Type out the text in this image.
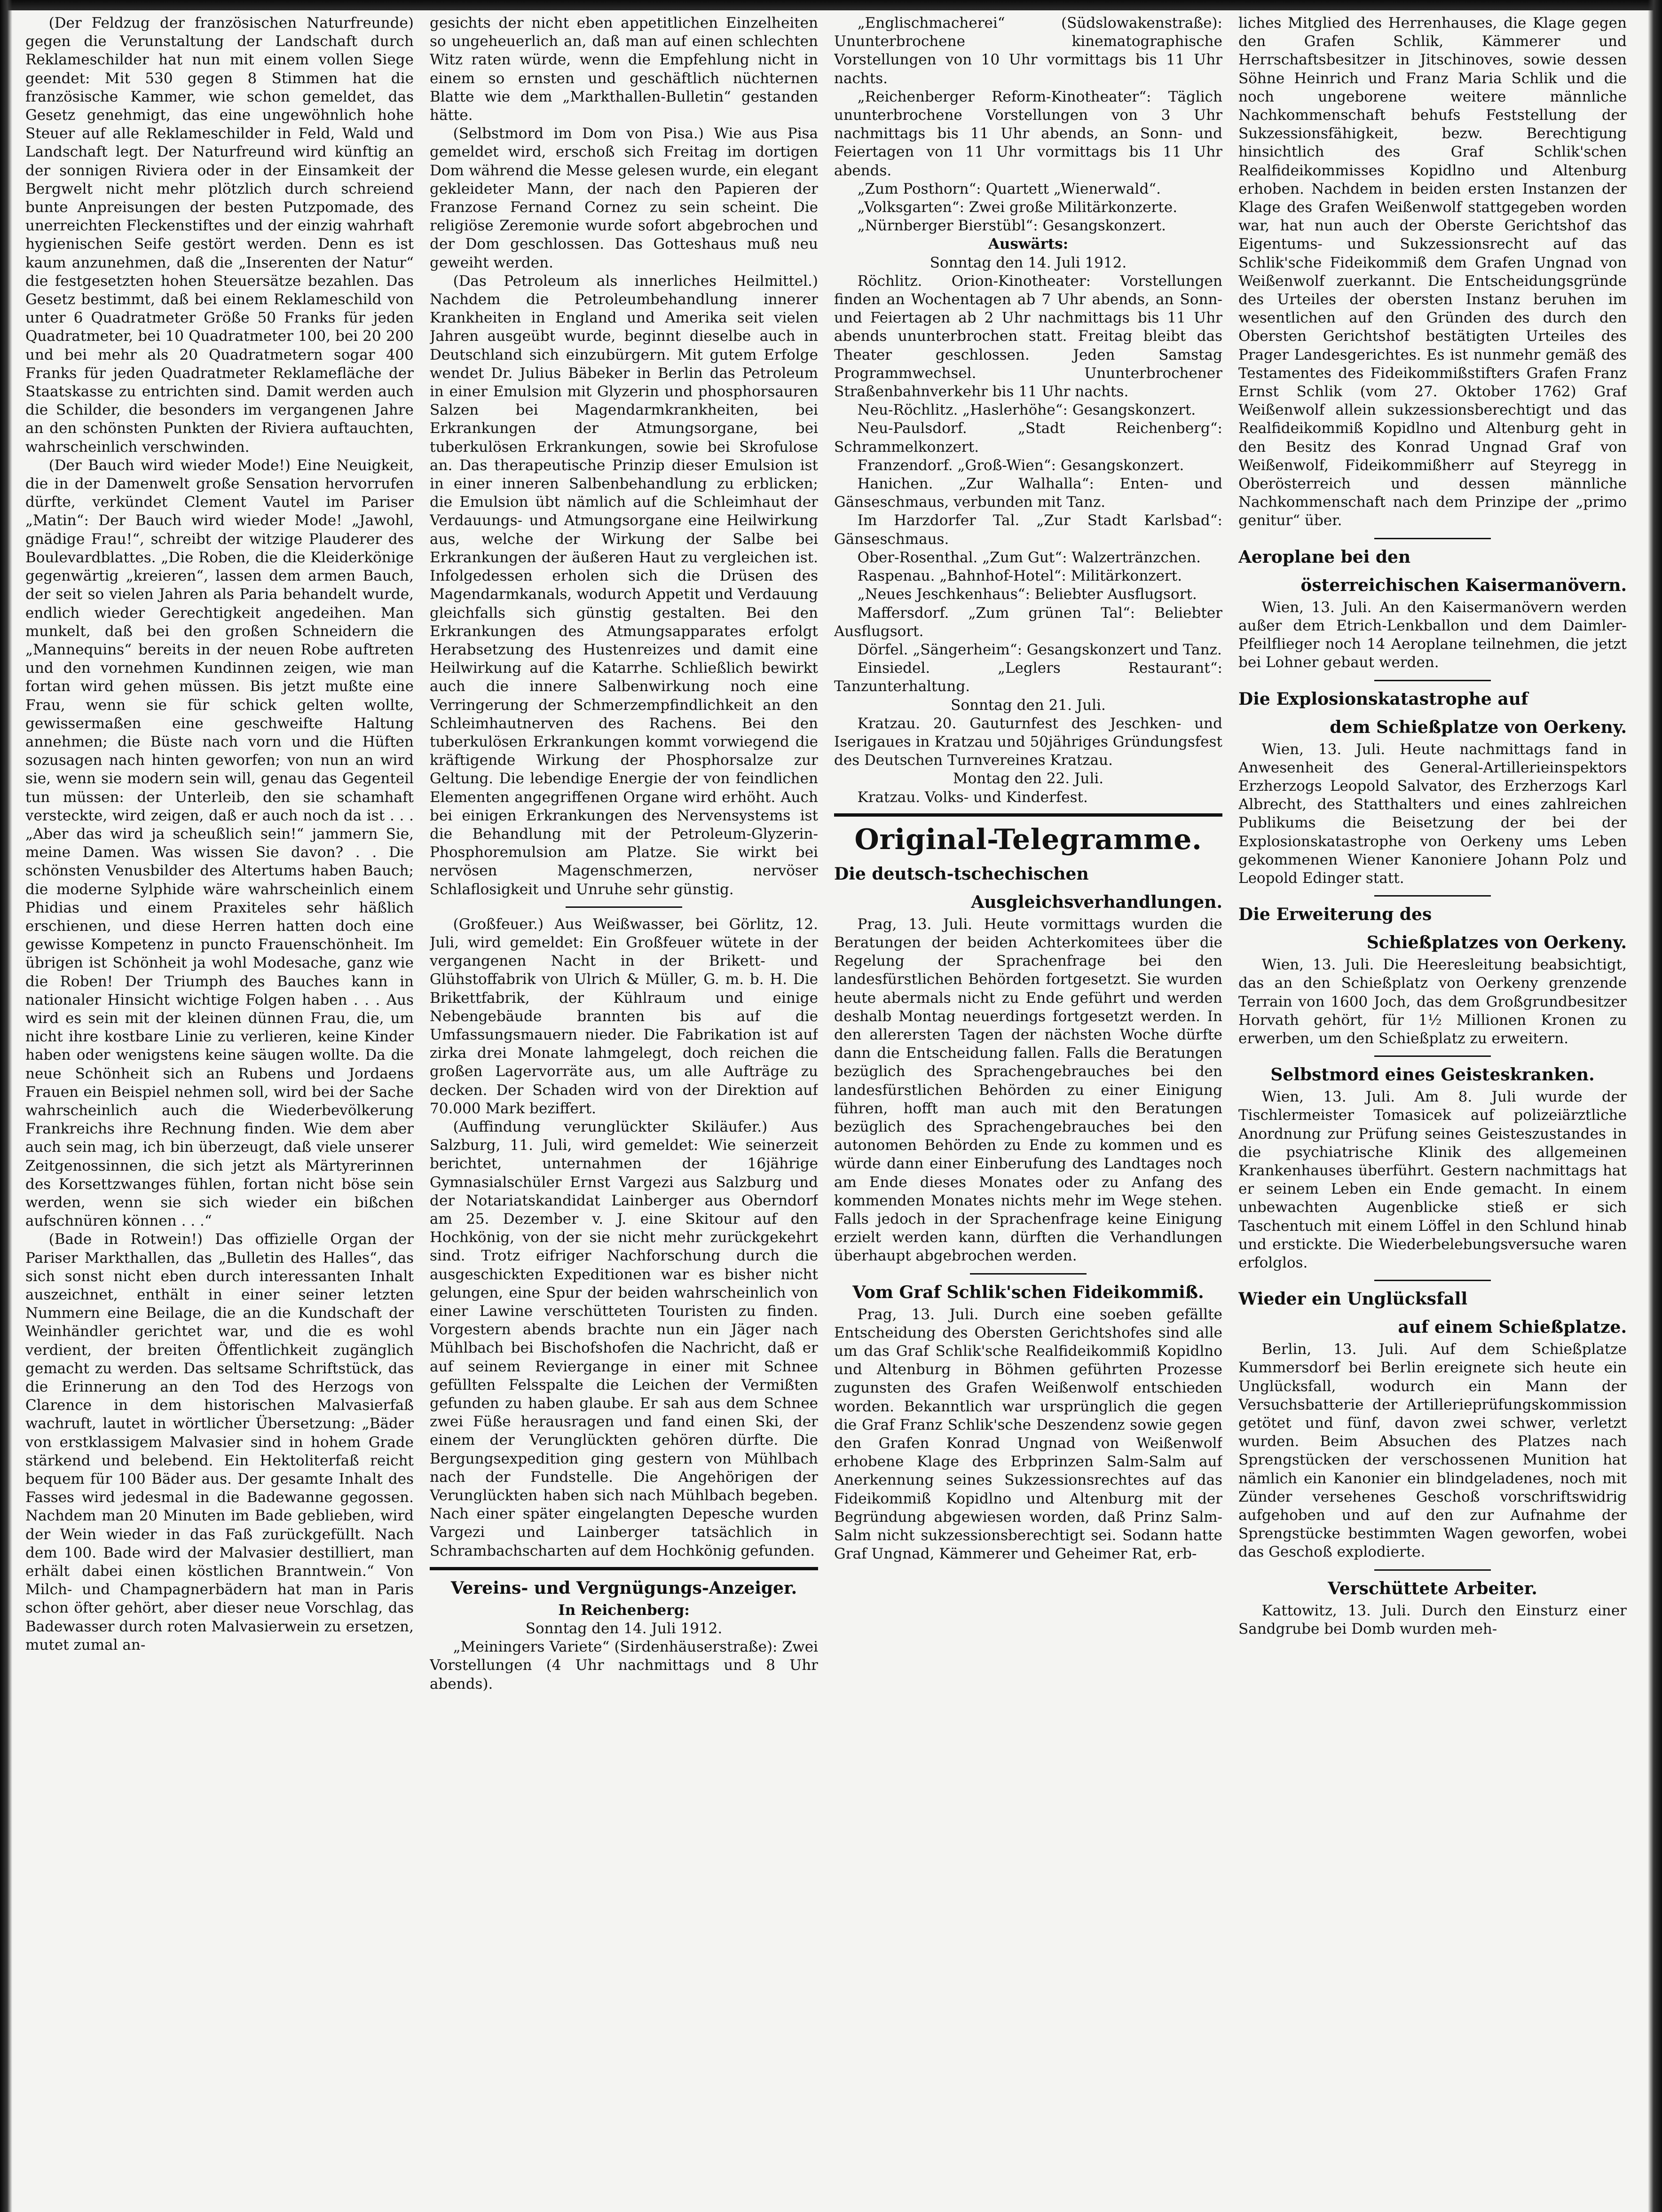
(Der Feldzug der französischen Naturfreunde) gegen die Verunstaltung der Landschaft durch Reklameschilder hat nun mit einem vollen Siege geendet: Mit 530 gegen 8 Stimmen hat die französische Kammer, wie schon gemeldet, das Gesetz genehmigt, das eine ungewöhnlich hohe Steuer auf alle Reklameschilder in Feld, Wald und Landschaft legt. Der Naturfreund wird künftig an der sonnigen Riviera oder in der Einsamkeit der Bergwelt nicht mehr plötzlich durch schreiend bunte Anpreisungen der besten Putzpomade, des unerreichten Fleckenstiftes und der einzig wahrhaft hygienischen Seife gestört werden. Denn es ist kaum anzunehmen, daß die „Inserenten der Natur“ die festgesetzten hohen Steuersätze bezahlen. Das Gesetz bestimmt, daß bei einem Reklameschild von unter 6 Quadratmeter Größe 50 Franks für jeden Quadratmeter, bei 10 Quadratmeter 100, bei 20 200 und bei mehr als 20 Quadratmetern sogar 400 Franks für jeden Quadratmeter Reklamefläche der Staatskasse zu entrichten sind. Damit werden auch die Schilder, die besonders im vergangenen Jahre an den schönsten Punkten der Riviera auftauchten, wahrscheinlich verschwinden.

(Der Bauch wird wieder Mode!) Eine Neuigkeit, die in der Damenwelt große Sensation hervorrufen dürfte, verkündet Clement Vautel im Pariser „Matin“: Der Bauch wird wieder Mode! „Jawohl, gnädige Frau!“, schreibt der witzige Plauderer des Boulevardblattes. „Die Roben, die die Kleiderkönige gegenwärtig „kreieren“, lassen dem armen Bauch, der seit so vielen Jahren als Paria behandelt wurde, endlich wieder Gerechtigkeit angedeihen. Man munkelt, daß bei den großen Schneidern die „Mannequins“ bereits in der neuen Robe auftreten und den vornehmen Kundinnen zeigen, wie man fortan wird gehen müssen. Bis jetzt mußte eine Frau, wenn sie für schick gelten wollte, gewissermaßen eine geschweifte Haltung annehmen; die Büste nach vorn und die Hüften sozusagen nach hinten geworfen; von nun an wird sie, wenn sie modern sein will, genau das Gegenteil tun müssen: der Unterleib, den sie schamhaft versteckte, wird zeigen, daß er auch noch da ist . . . „Aber das wird ja scheußlich sein!“ jammern Sie, meine Damen. Was wissen Sie davon? . . Die schönsten Venusbilder des Altertums haben Bauch; die moderne Sylphide wäre wahrscheinlich einem Phidias und einem Praxiteles sehr häßlich erschienen, und diese Herren hatten doch eine gewisse Kompetenz in puncto Frauenschönheit. Im übrigen ist Schönheit ja wohl Modesache, ganz wie die Roben! Der Triumph des Bauches kann in nationaler Hinsicht wichtige Folgen haben . . . Aus wird es sein mit der kleinen dünnen Frau, die, um nicht ihre kostbare Linie zu verlieren, keine Kinder haben oder wenigstens keine säugen wollte. Da die neue Schönheit sich an Rubens und Jordaens Frauen ein Beispiel nehmen soll, wird bei der Sache wahrscheinlich auch die Wiederbevölkerung Frankreichs ihre Rechnung finden. Wie dem aber auch sein mag, ich bin überzeugt, daß viele unserer Zeitgenossinnen, die sich jetzt als Märtyrerinnen des Korsettzwanges fühlen, fortan nicht böse sein werden, wenn sie sich wieder ein bißchen aufschnüren können . . .“

(Bade in Rotwein!) Das offizielle Organ der Pariser Markthallen, das „Bulletin des Halles“, das sich sonst nicht eben durch interessanten Inhalt auszeichnet, enthält in einer seiner letzten Nummern eine Beilage, die an die Kundschaft der Weinhändler gerichtet war, und die es wohl verdient, der breiten Öffentlichkeit zugänglich gemacht zu werden. Das seltsame Schriftstück, das die Erinnerung an den Tod des Herzogs von Clarence in dem historischen Malvasierfaß wachruft, lautet in wörtlicher Übersetzung: „Bäder von erstklassigem Malvasier sind in hohem Grade stärkend und belebend. Ein Hektoliterfaß reicht bequem für 100 Bäder aus. Der gesamte Inhalt des Fasses wird jedesmal in die Badewanne gegossen. Nachdem man 20 Minuten im Bade geblieben, wird der Wein wieder in das Faß zurückgefüllt. Nach dem 100. Bade wird der Malvasier destilliert, man erhält dabei einen köstlichen Branntwein.“ Von Milch- und Champagnerbädern hat man in Paris schon öfter gehört, aber dieser neue Vorschlag, das Badewasser durch roten Malvasierwein zu ersetzen, mutet zumal an-

gesichts der nicht eben appetitlichen Einzelheiten so ungeheuerlich an, daß man auf einen schlechten Witz raten würde, wenn die Empfehlung nicht in einem so ernsten und geschäftlich nüchternen Blatte wie dem „Markthallen-Bulletin“ gestanden hätte.

(Selbstmord im Dom von Pisa.) Wie aus Pisa gemeldet wird, erschoß sich Freitag im dortigen Dom während die Messe gelesen wurde, ein elegant gekleideter Mann, der nach den Papieren der Franzose Fernand Cornez zu sein scheint. Die religiöse Zeremonie wurde sofort abgebrochen und der Dom geschlossen. Das Gotteshaus muß neu geweiht werden.

(Das Petroleum als innerliches Heilmittel.) Nachdem die Petroleumbehandlung innerer Krankheiten in England und Amerika seit vielen Jahren ausgeübt wurde, beginnt dieselbe auch in Deutschland sich einzubürgern. Mit gutem Erfolge wendet Dr. Julius Bäbeker in Berlin das Petroleum in einer Emulsion mit Glyzerin und phosphorsauren Salzen bei Magendarmkrankheiten, bei Erkrankungen der Atmungsorgane, bei tuberkulösen Erkrankungen, sowie bei Skrofulose an. Das therapeutische Prinzip dieser Emulsion ist in einer inneren Salbenbehandlung zu erblicken; die Emulsion übt nämlich auf die Schleimhaut der Verdauungs- und Atmungsorgane eine Heilwirkung aus, welche der Wirkung der Salbe bei Erkrankungen der äußeren Haut zu vergleichen ist. Infolgedessen erholen sich die Drüsen des Magendarmkanals, wodurch Appetit und Verdauung gleichfalls sich günstig gestalten. Bei den Erkrankungen des Atmungsapparates erfolgt Herabsetzung des Hustenreizes und damit eine Heilwirkung auf die Katarrhe. Schließlich bewirkt auch die innere Salbenwirkung noch eine Verringerung der Schmerzempfindlichkeit an den Schleimhautnerven des Rachens. Bei den tuberkulösen Erkrankungen kommt vorwiegend die kräftigende Wirkung der Phosphorsalze zur Geltung. Die lebendige Energie der von feindlichen Elementen angegriffenen Organe wird erhöht. Auch bei einigen Erkrankungen des Nervensystems ist die Behandlung mit der Petroleum-Glyzerin-Phosphoremulsion am Platze. Sie wirkt bei nervösen Magenschmerzen, nervöser Schlaflosigkeit und Unruhe sehr günstig.

(Großfeuer.) Aus Weißwasser, bei Görlitz, 12. Juli, wird gemeldet: Ein Großfeuer wütete in der vergangenen Nacht in der Brikett- und Glühstoffabrik von Ulrich & Müller, G. m. b. H. Die Brikettfabrik, der Kühlraum und einige Nebengebäude brannten bis auf die Umfassungsmauern nieder. Die Fabrikation ist auf zirka drei Monate lahmgelegt, doch reichen die großen Lagervorräte aus, um alle Aufträge zu decken. Der Schaden wird von der Direktion auf 70.000 Mark beziffert.

(Auffindung verunglückter Skiläufer.) Aus Salzburg, 11. Juli, wird gemeldet: Wie seinerzeit berichtet, unternahmen der 16jährige Gymnasialschüler Ernst Vargezi aus Salzburg und der Notariatskandidat Lainberger aus Oberndorf am 25. Dezember v. J. eine Skitour auf den Hochkönig, von der sie nicht mehr zurückgekehrt sind. Trotz eifriger Nachforschung durch die ausgeschickten Expeditionen war es bisher nicht gelungen, eine Spur der beiden wahrscheinlich von einer Lawine verschütteten Touristen zu finden. Vorgestern abends brachte nun ein Jäger nach Mühlbach bei Bischofshofen die Nachricht, daß er auf seinem Reviergange in einer mit Schnee gefüllten Felsspalte die Leichen der Vermißten gefunden zu haben glaube. Er sah aus dem Schnee zwei Füße herausragen und fand einen Ski, der einem der Verunglückten gehören dürfte. Die Bergungsexpedition ging gestern von Mühlbach nach der Fundstelle. Die Angehörigen der Verunglückten haben sich nach Mühlbach begeben. Nach einer später eingelangten Depesche wurden Vargezi und Lainberger tatsächlich in Schrambachscharten auf dem Hochkönig gefunden.

Vereins- und Vergnügungs-Anzeiger.

In Reichenberg:

Sonntag den 14. Juli 1912.

„Meiningers Variete“ (Sirdenhäuserstraße): Zwei Vorstellungen (4 Uhr nachmittags und 8 Uhr abends).

„Englischmacherei“ (Südslowakenstraße): Ununterbrochene kinematographische Vorstellungen von 10 Uhr vormittags bis 11 Uhr nachts.

„Reichenberger Reform-Kinotheater“: Täglich ununterbrochene Vorstellungen von 3 Uhr nachmittags bis 11 Uhr abends, an Sonn- und Feiertagen von 11 Uhr vormittags bis 11 Uhr abends.

„Zum Posthorn“: Quartett „Wienerwald“.

„Volksgarten“: Zwei große Militärkonzerte.

„Nürnberger Bierstübl“: Gesangskonzert.

Auswärts:

Sonntag den 14. Juli 1912.

Röchlitz. Orion-Kinotheater: Vorstellungen finden an Wochentagen ab 7 Uhr abends, an Sonn- und Feiertagen ab 2 Uhr nachmittags bis 11 Uhr abends ununterbrochen statt. Freitag bleibt das Theater geschlossen. Jeden Samstag Programmwechsel. Ununterbrochener Straßenbahnverkehr bis 11 Uhr nachts.

Neu-Röchlitz. „Haslerhöhe“: Gesangskonzert.

Neu-Paulsdorf. „Stadt Reichenberg“: Schrammelkonzert.

Franzendorf. „Groß-Wien“: Gesangskonzert.

Hanichen. „Zur Walhalla“: Enten- und Gänseschmaus, verbunden mit Tanz.

Im Harzdorfer Tal. „Zur Stadt Karlsbad“: Gänseschmaus.

Ober-Rosenthal. „Zum Gut“: Walzertränzchen.

Raspenau. „Bahnhof-Hotel“: Militärkonzert.

„Neues Jeschkenhaus“: Beliebter Ausflugsort.

Maffersdorf. „Zum grünen Tal“: Beliebter Ausflugsort.

Dörfel. „Sängerheim“: Gesangskonzert und Tanz.

Einsiedel. „Leglers Restaurant“: Tanzunterhaltung.

Sonntag den 21. Juli.

Kratzau. 20. Gauturnfest des Jeschken- und Iserigaues in Kratzau und 50jähriges Gründungsfest des Deutschen Turnvereines Kratzau.

Montag den 22. Juli.

Kratzau. Volks- und Kinderfest.

Original-Telegramme.
Die deutsch-tschechischen
Ausgleichsverhandlungen.

Prag, 13. Juli. Heute vormittags wurden die Beratungen der beiden Achterkomitees über die Regelung der Sprachenfrage bei den landesfürstlichen Behörden fortgesetzt. Sie wurden heute abermals nicht zu Ende geführt und werden deshalb Montag neuerdings fortgesetzt werden. In den allerersten Tagen der nächsten Woche dürfte dann die Entscheidung fallen. Falls die Beratungen bezüglich des Sprachengebrauches bei den landesfürstlichen Behörden zu einer Einigung führen, hofft man auch mit den Beratungen bezüglich des Sprachengebrauches bei den autonomen Behörden zu Ende zu kommen und es würde dann einer Einberufung des Landtages noch am Ende dieses Monates oder zu Anfang des kommenden Monates nichts mehr im Wege stehen. Falls jedoch in der Sprachenfrage keine Einigung erzielt werden kann, dürften die Verhandlungen überhaupt abgebrochen werden.

Vom Graf Schlik'schen Fideikommiß.

Prag, 13. Juli. Durch eine soeben gefällte Entscheidung des Obersten Gerichtshofes sind alle um das Graf Schlik'sche Realfideikommiß Kopidlno und Altenburg in Böhmen geführten Prozesse zugunsten des Grafen Weißenwolf entschieden worden. Bekanntlich war ursprünglich die gegen die Graf Franz Schlik'sche Deszendenz sowie gegen den Grafen Konrad Ungnad von Weißenwolf erhobene Klage des Erbprinzen Salm-Salm auf Anerkennung seines Sukzessionsrechtes auf das Fideikommiß Kopidlno und Altenburg mit der Begründung abgewiesen worden, daß Prinz Salm-Salm nicht sukzessionsberechtigt sei. Sodann hatte Graf Ungnad, Kämmerer und Geheimer Rat, erb-

liches Mitglied des Herrenhauses, die Klage gegen den Grafen Schlik, Kämmerer und Herrschaftsbesitzer in Jitschinoves, sowie dessen Söhne Heinrich und Franz Maria Schlik und die noch ungeborene weitere männliche Nachkommenschaft behufs Feststellung der Sukzessionsfähigkeit, bezw. Berechtigung hinsichtlich des Graf Schlik'schen Realfideikommisses Kopidlno und Altenburg erhoben. Nachdem in beiden ersten Instanzen der Klage des Grafen Weißenwolf stattgegeben worden war, hat nun auch der Oberste Gerichtshof das Eigentums- und Sukzessionsrecht auf das Schlik'sche Fideikommiß dem Grafen Ungnad von Weißenwolf zuerkannt. Die Entscheidungsgründe des Urteiles der obersten Instanz beruhen im wesentlichen auf den Gründen des durch den Obersten Gerichtshof bestätigten Urteiles des Prager Landesgerichtes. Es ist nunmehr gemäß des Testamentes des Fideikommißstifters Grafen Franz Ernst Schlik (vom 27. Oktober 1762) Graf Weißenwolf allein sukzessionsberechtigt und das Realfideikommiß Kopidlno und Altenburg geht in den Besitz des Konrad Ungnad Graf von Weißenwolf, Fideikommißherr auf Steyregg in Oberösterreich und dessen männliche Nachkommenschaft nach dem Prinzipe der „primo genitur“ über.

Aeroplane bei den
österreichischen Kaisermanövern.

Wien, 13. Juli. An den Kaisermanövern werden außer dem Etrich-Lenkballon und dem Daimler-Pfeilflieger noch 14 Aeroplane teilnehmen, die jetzt bei Lohner gebaut werden.

Die Explosionskatastrophe auf
dem Schießplatze von Oerkeny.

Wien, 13. Juli. Heute nachmittags fand in Anwesenheit des General-Artillerieinspektors Erzherzogs Leopold Salvator, des Erzherzogs Karl Albrecht, des Statthalters und eines zahlreichen Publikums die Beisetzung der bei der Explosionskatastrophe von Oerkeny ums Leben gekommenen Wiener Kanoniere Johann Polz und Leopold Edinger statt.

Die Erweiterung des
Schießplatzes von Oerkeny.

Wien, 13. Juli. Die Heeresleitung beabsichtigt, das an den Schießplatz von Oerkeny grenzende Terrain von 1600 Joch, das dem Großgrundbesitzer Horvath gehört, für 1½ Millionen Kronen zu erwerben, um den Schießplatz zu erweitern.

Selbstmord eines Geisteskranken.

Wien, 13. Juli. Am 8. Juli wurde der Tischlermeister Tomasicek auf polizeiärztliche Anordnung zur Prüfung seines Geisteszustandes in die psychiatrische Klinik des allgemeinen Krankenhauses überführt. Gestern nachmittags hat er seinem Leben ein Ende gemacht. In einem unbewachten Augenblicke stieß er sich Taschentuch mit einem Löffel in den Schlund hinab und erstickte. Die Wiederbelebungsversuche waren erfolglos.

Wieder ein Unglücksfall
auf einem Schießplatze.

Berlin, 13. Juli. Auf dem Schießplatze Kummersdorf bei Berlin ereignete sich heute ein Unglücksfall, wodurch ein Mann der Versuchsbatterie der Artillerieprüfungskommission getötet und fünf, davon zwei schwer, verletzt wurden. Beim Absuchen des Platzes nach Sprengstücken der verschossenen Munition hat nämlich ein Kanonier ein blindgeladenes, noch mit Zünder versehenes Geschoß vorschriftswidrig aufgehoben und auf den zur Aufnahme der Sprengstücke bestimmten Wagen geworfen, wobei das Geschoß explodierte.

Verschüttete Arbeiter.

Kattowitz, 13. Juli. Durch den Einsturz einer Sandgrube bei Domb wurden meh-
